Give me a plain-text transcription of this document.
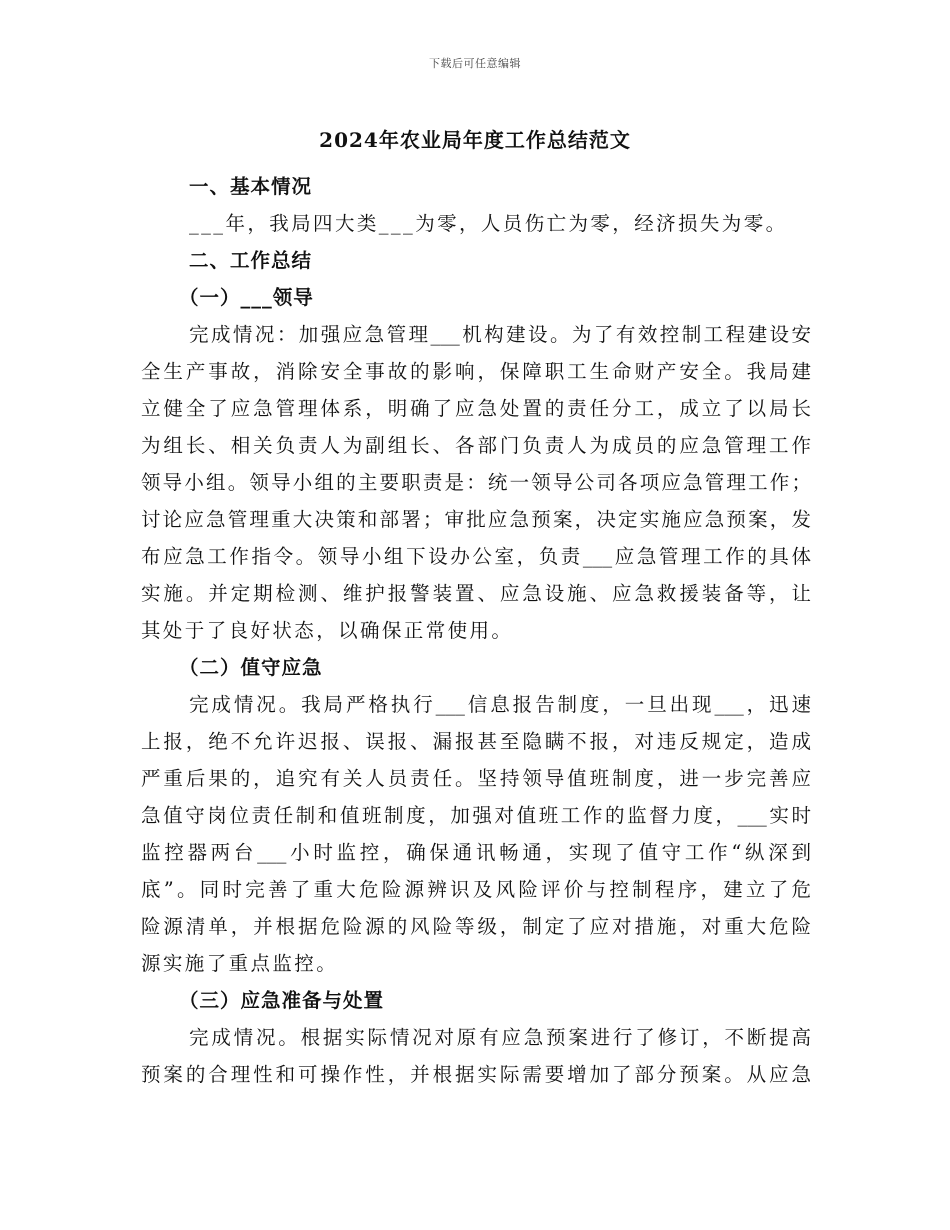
下载后可任意编辑
2024年农业局年度工作总结范文
一、基本情况
___年，我局四大类___为零，人员伤亡为零，经济损失为零。
二、工作总结
（一）___领导
完成情况：加强应急管理___机构建设。为了有效控制工程建设安
全生产事故，消除安全事故的影响，保障职工生命财产安全。我局建
立健全了应急管理体系，明确了应急处置的责任分工，成立了以局长
为组长、相关负责人为副组长、各部门负责人为成员的应急管理工作
领导小组。领导小组的主要职责是：统一领导公司各项应急管理工作；
讨论应急管理重大决策和部署；审批应急预案，决定实施应急预案，发
布应急工作指令。领导小组下设办公室，负责___应急管理工作的具体
实施。并定期检测、维护报警装置、应急设施、应急救援装备等，让
其处于了良好状态，以确保正常使用。
（二）值守应急
完成情况。我局严格执行___信息报告制度，一旦出现___，迅速
上报，绝不允许迟报、误报、漏报甚至隐瞒不报，对违反规定，造成
严重后果的，追究有关人员责任。坚持领导值班制度，进一步完善应
急值守岗位责任制和值班制度，加强对值班工作的监督力度，___实时
监控器两台___小时监控，确保通讯畅通，实现了值守工作“纵深到
底”。同时完善了重大危险源辨识及风险评价与控制程序，建立了危
险源清单，并根据危险源的风险等级，制定了应对措施，对重大危险
源实施了重点监控。
（三）应急准备与处置
完成情况。根据实际情况对原有应急预案进行了修订，不断提高
预案的合理性和可操作性，并根据实际需要增加了部分预案。从应急
